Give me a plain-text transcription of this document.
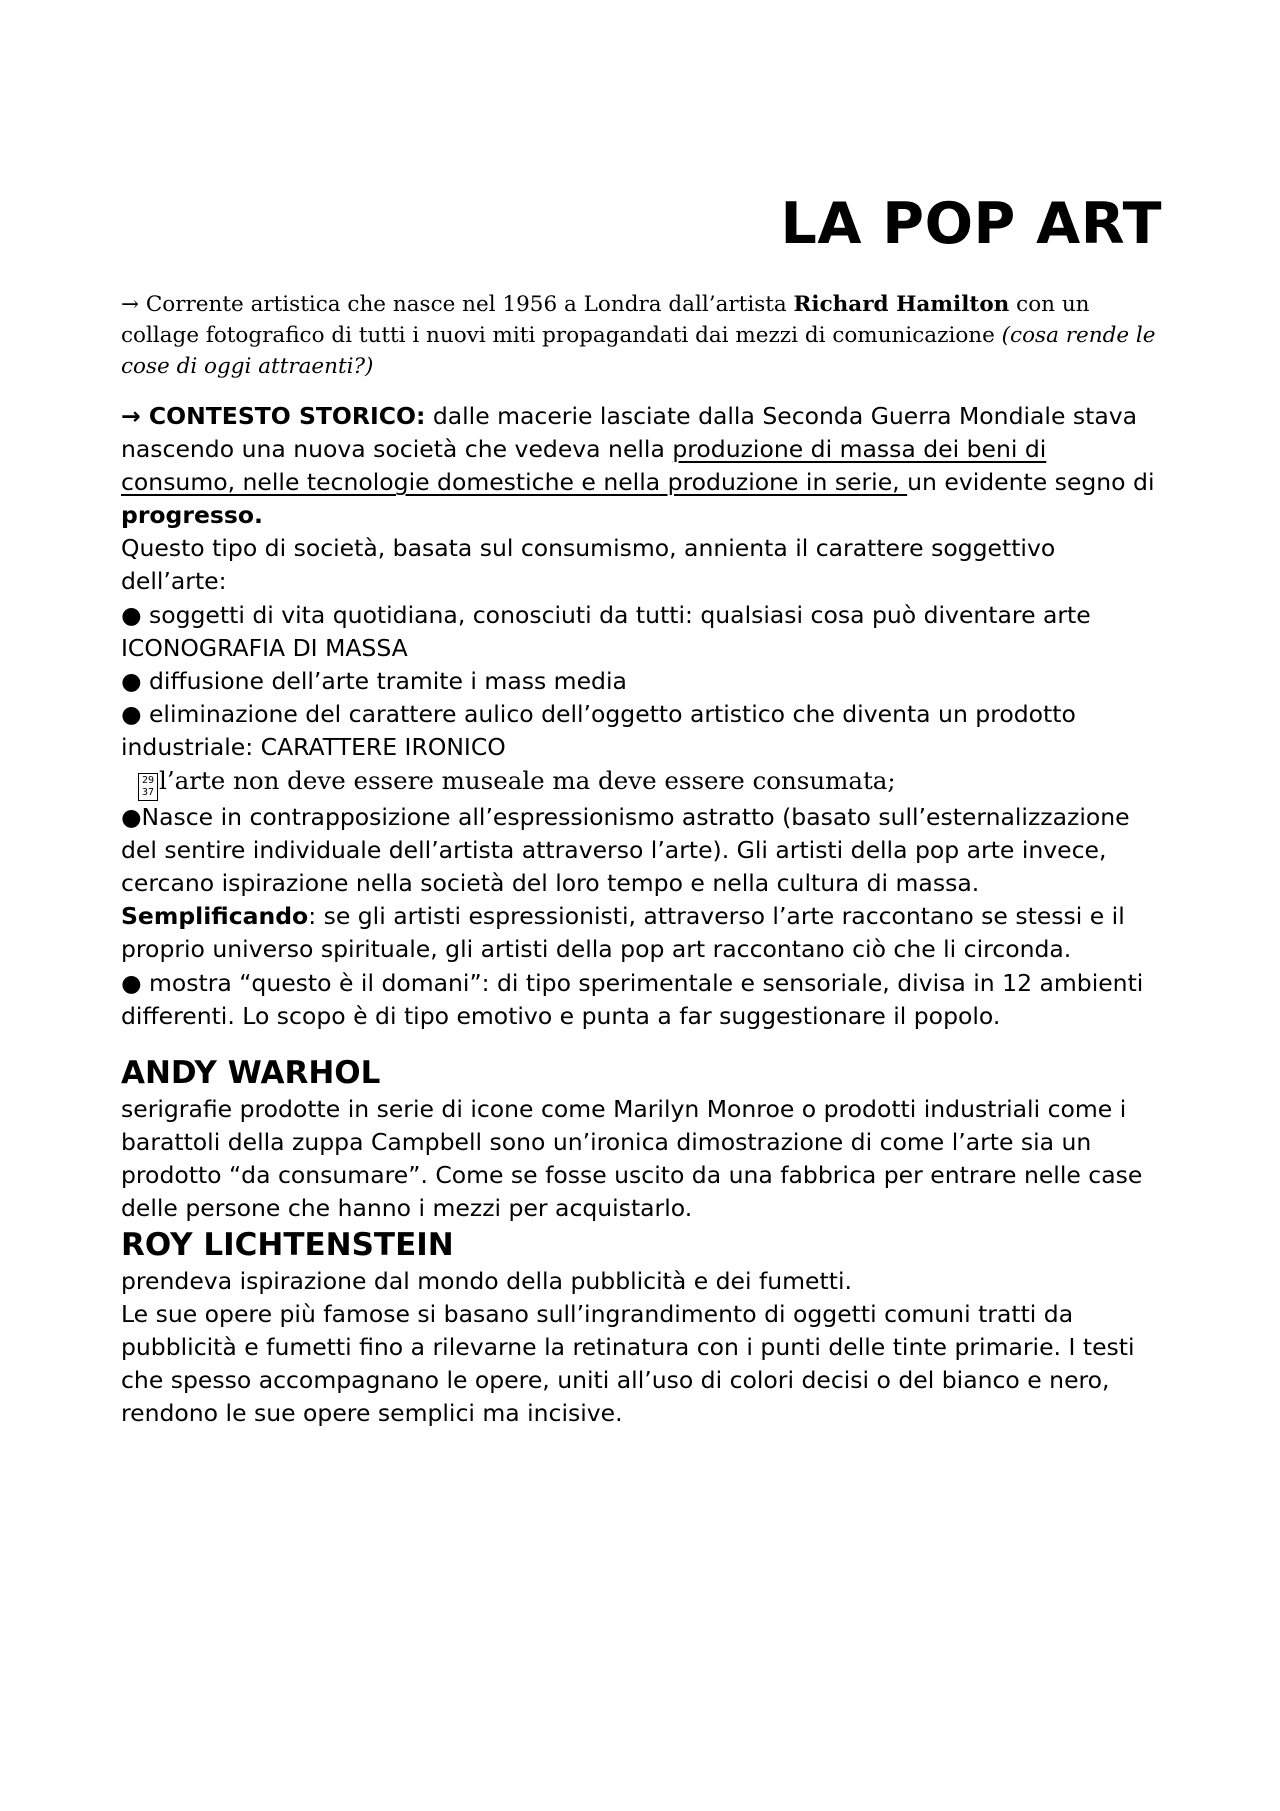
LA POP ART

→ Corrente artistica che nasce nel 1956 a Londra dall’artista Richard Hamilton con un collage fotografico di tutti i nuovi miti propagandati dai mezzi di comunicazione (cosa rende le cose di oggi attraenti?)

→ CONTESTO STORICO: dalle macerie lasciate dalla Seconda Guerra Mondiale stava nascendo una nuova società che vedeva nella produzione di massa dei beni di consumo, nelle tecnologie domestiche e nella produzione in serie, un evidente segno di progresso.

Questo tipo di società, basata sul consumismo, annienta il carattere soggettivo dell’arte:

● soggetti di vita quotidiana, conosciuti da tutti: qualsiasi cosa può diventare arte ICONOGRAFIA DI MASSA

● diffusione dell’arte tramite i mass media

● eliminazione del carattere aulico dell’oggetto artistico che diventa un prodotto industriale: CARATTERE IRONICO

29
37 l’arte non deve essere museale ma deve essere consumata;

●Nasce in contrapposizione all’espressionismo astratto (basato sull’esternalizzazione del sentire individuale dell’artista attraverso l’arte). Gli artisti della pop arte invece, cercano ispirazione nella società del loro tempo e nella cultura di massa.

Semplificando: se gli artisti espressionisti, attraverso l’arte raccontano se stessi e il proprio universo spirituale, gli artisti della pop art raccontano ciò che li circonda.

● mostra “questo è il domani”: di tipo sperimentale e sensoriale, divisa in 12 ambienti differenti. Lo scopo è di tipo emotivo e punta a far suggestionare il popolo.

ANDY WARHOL

serigrafie prodotte in serie di icone come Marilyn Monroe o prodotti industriali come i barattoli della zuppa Campbell sono un’ironica dimostrazione di come l’arte sia un prodotto “da consumare”. Come se fosse uscito da una fabbrica per entrare nelle case delle persone che hanno i mezzi per acquistarlo.

ROY LICHTENSTEIN

prendeva ispirazione dal mondo della pubblicità e dei fumetti.

Le sue opere più famose si basano sull’ingrandimento di oggetti comuni tratti da pubblicità e fumetti fino a rilevarne la retinatura con i punti delle tinte primarie. I testi che spesso accompagnano le opere, uniti all’uso di colori decisi o del bianco e nero, rendono le sue opere semplici ma incisive.
